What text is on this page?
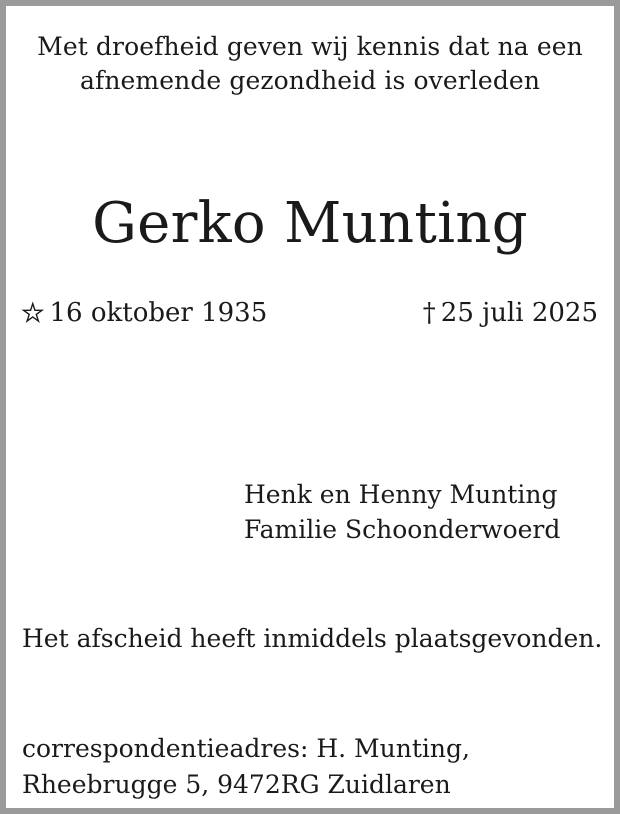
Met droefheid geven wij kennis dat na een
afnemende gezondheid is overleden
Gerko Munting
★ 16 oktober 1935	† 25 juli 2025
Henk en Henny Munting
Familie Schoonderwoerd
Het afscheid heeft inmiddels plaatsgevonden.
correspondentieadres: H. Munting,
Rheebrugge 5, 9472RG Zuidlaren
